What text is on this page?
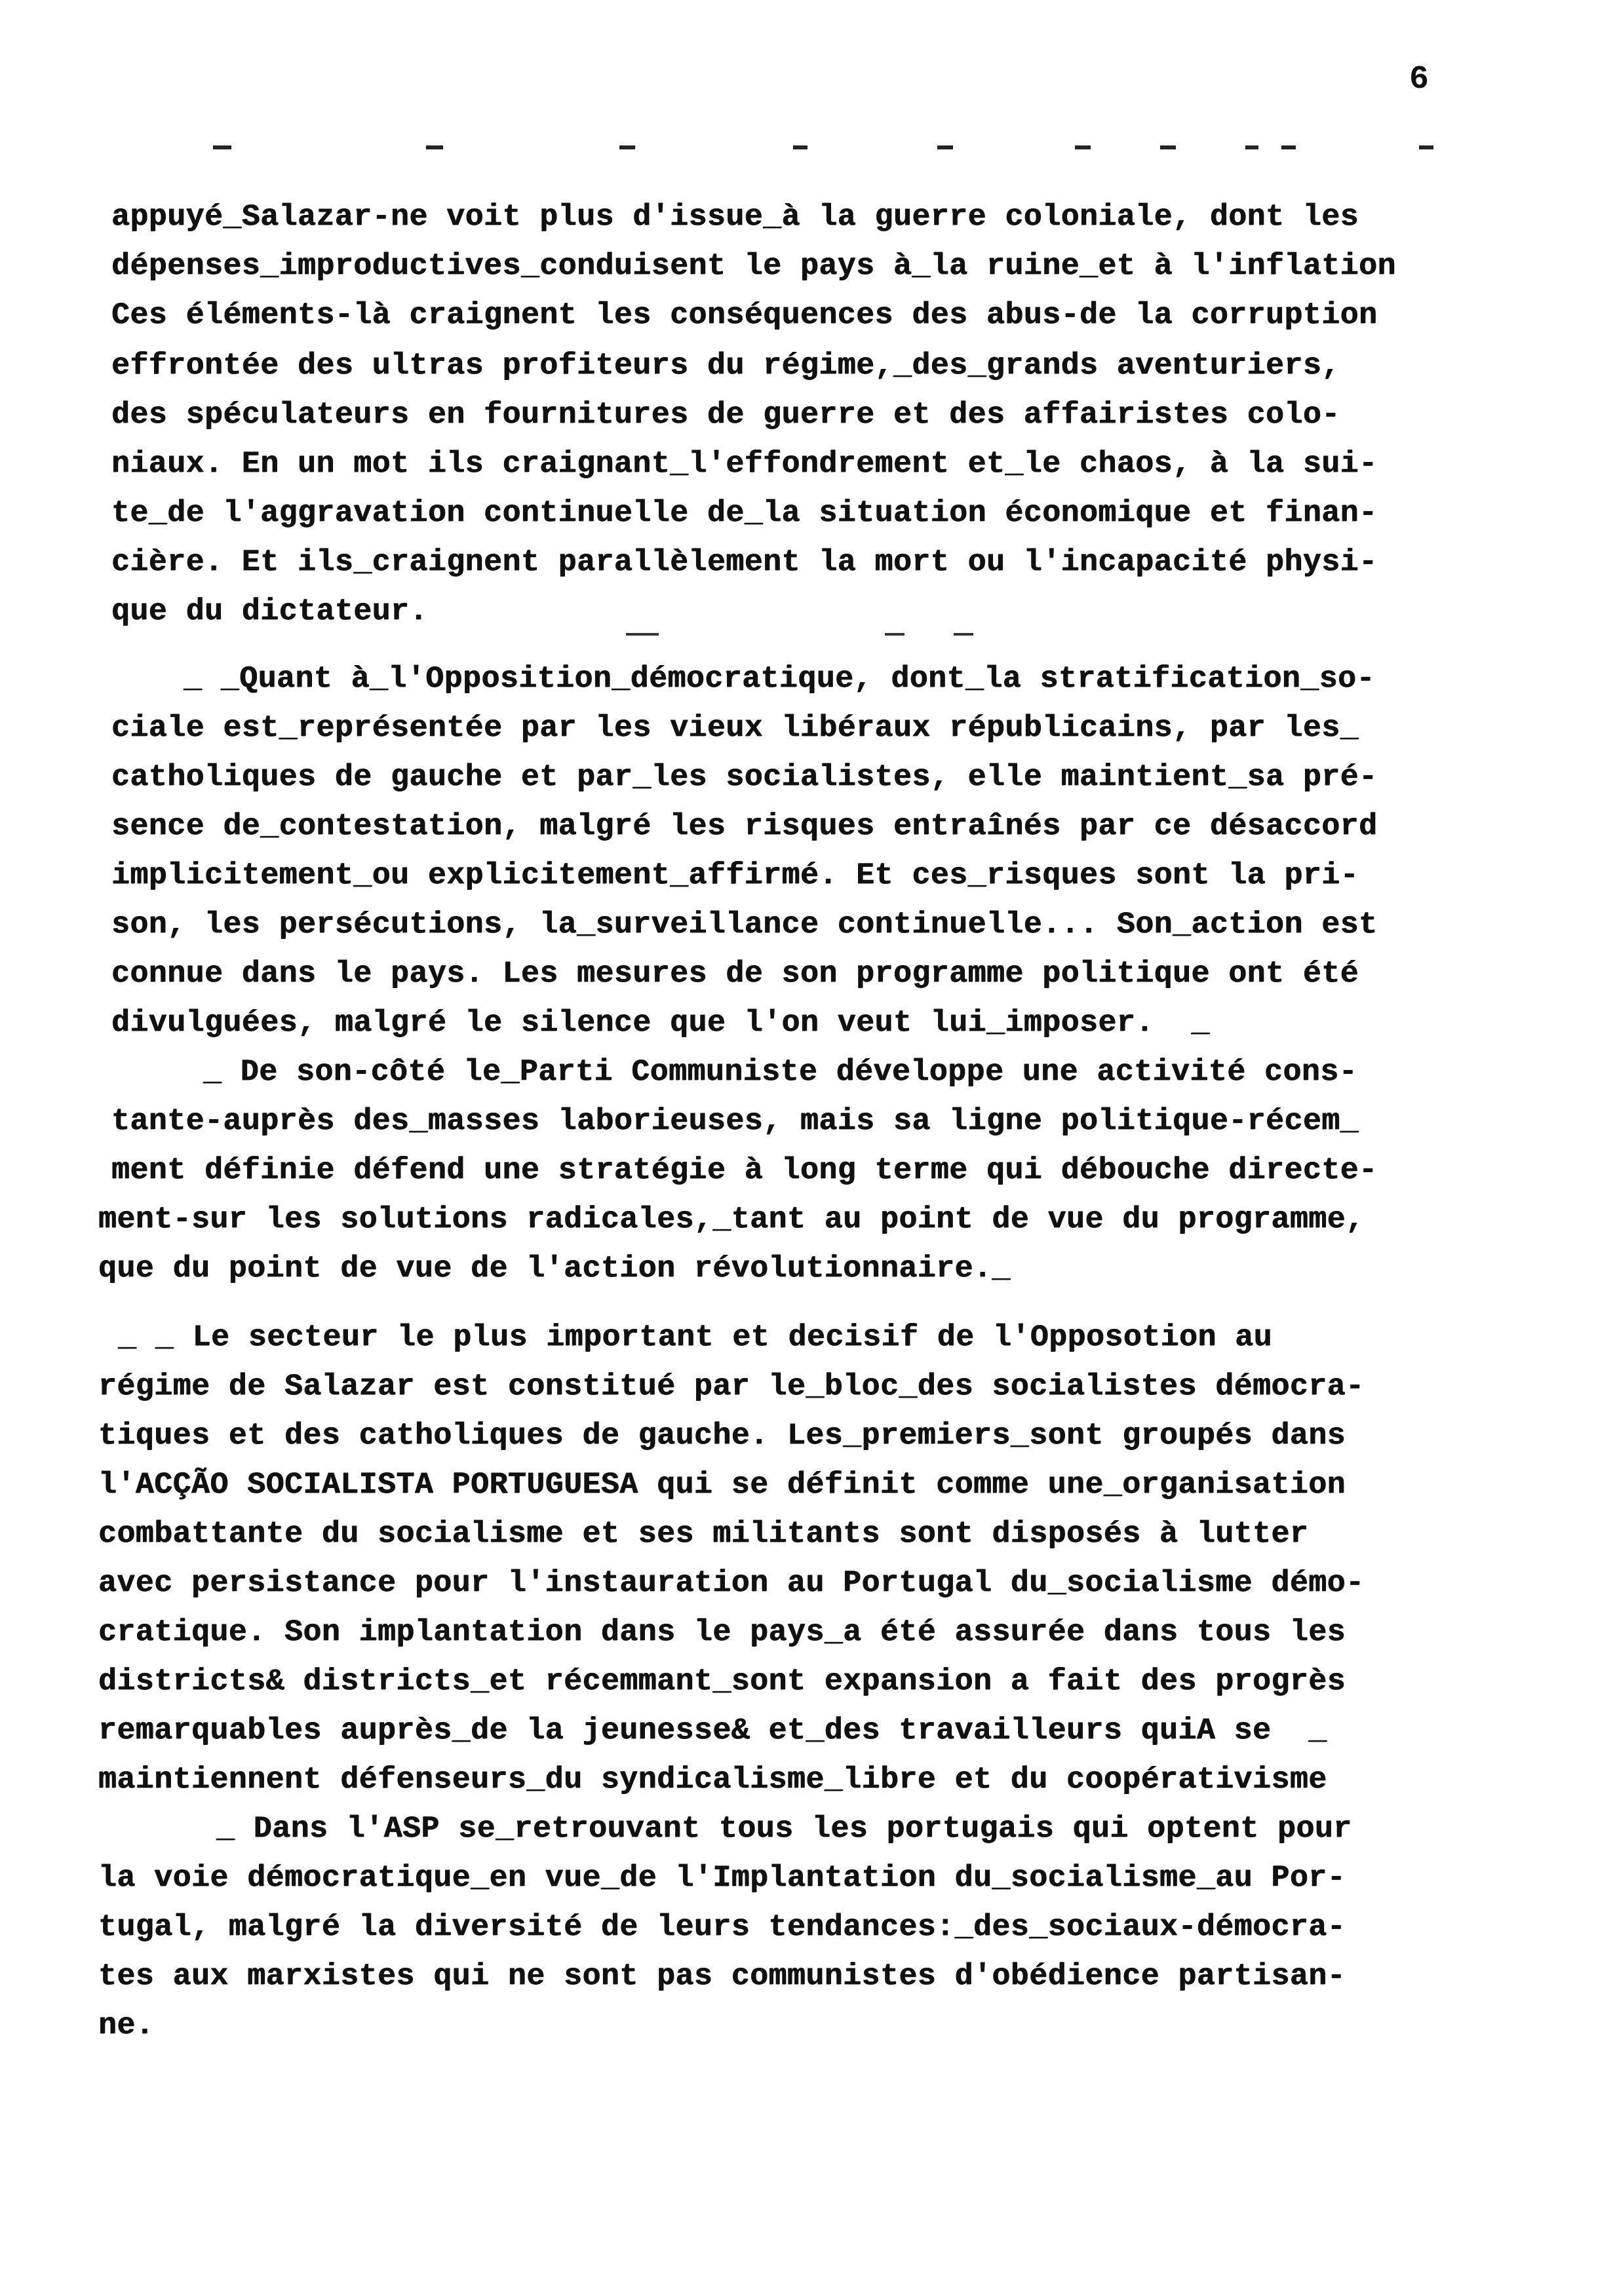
6
appuyé_Salazar-ne voit plus d'issue_à la guerre coloniale, dont les
dépenses_improductives_conduisent le pays à_la ruine_et à l'inflation
Ces éléments-là craignent les conséquences des abus-de la corruption
effrontée des ultras profiteurs du régime,_des_grands aventuriers,
des spéculateurs en fournitures de guerre et des affairistes colo-
niaux. En un mot ils craignant_l'effondrement et_le chaos, à la sui-
te_de l'aggravation continuelle de_la situation économique et finan-
cière. Et ils_craignent parallèlement la mort ou l'incapacité physi-
que du dictateur.
_ _Quant à_l'Opposition_démocratique, dont_la stratification_so-
ciale est_représentée par les vieux libéraux républicains, par les_
catholiques de gauche et par_les socialistes, elle maintient_sa pré-
sence de_contestation, malgré les risques entraînés par ce désaccord
implicitement_ou explicitement_affirmé. Et ces_risques sont la pri-
son, les persécutions, la_surveillance continuelle... Son_action est
connue dans le pays. Les mesures de son programme politique ont été
divulguées, malgré le silence que l'on veut lui_imposer.  _
_ De son-côté le_Parti Communiste développe une activité cons-
tante-auprès des_masses laborieuses, mais sa ligne politique-récem_
ment définie défend une stratégie à long terme qui débouche directe-
ment-sur les solutions radicales,_tant au point de vue du programme,
que du point de vue de l'action révolutionnaire._
_ _ Le secteur le plus important et decisif de l'Opposotion au
régime de Salazar est constitué par le_bloc_des socialistes démocra-
tiques et des catholiques de gauche. Les_premiers_sont groupés dans
l'ACÇÃO SOCIALISTA PORTUGUESA qui se définit comme une_organisation
combattante du socialisme et ses militants sont disposés à lutter
avec persistance pour l'instauration au Portugal du_socialisme démo-
cratique. Son implantation dans le pays_a été assurée dans tous les
districts& districts_et récemmant_sont expansion a fait des progrès
remarquables auprès_de la jeunesse& et_des travailleurs quiA se  _
maintiennent défenseurs_du syndicalisme_libre et du coopérativisme
_ Dans l'ASP se_retrouvant tous les portugais qui optent pour
la voie démocratique_en vue_de l'Implantation du_socialisme_au Por-
tugal, malgré la diversité de leurs tendances:_des_sociaux-démocra-
tes aux marxistes qui ne sont pas communistes d'obédience partisan-
ne.
